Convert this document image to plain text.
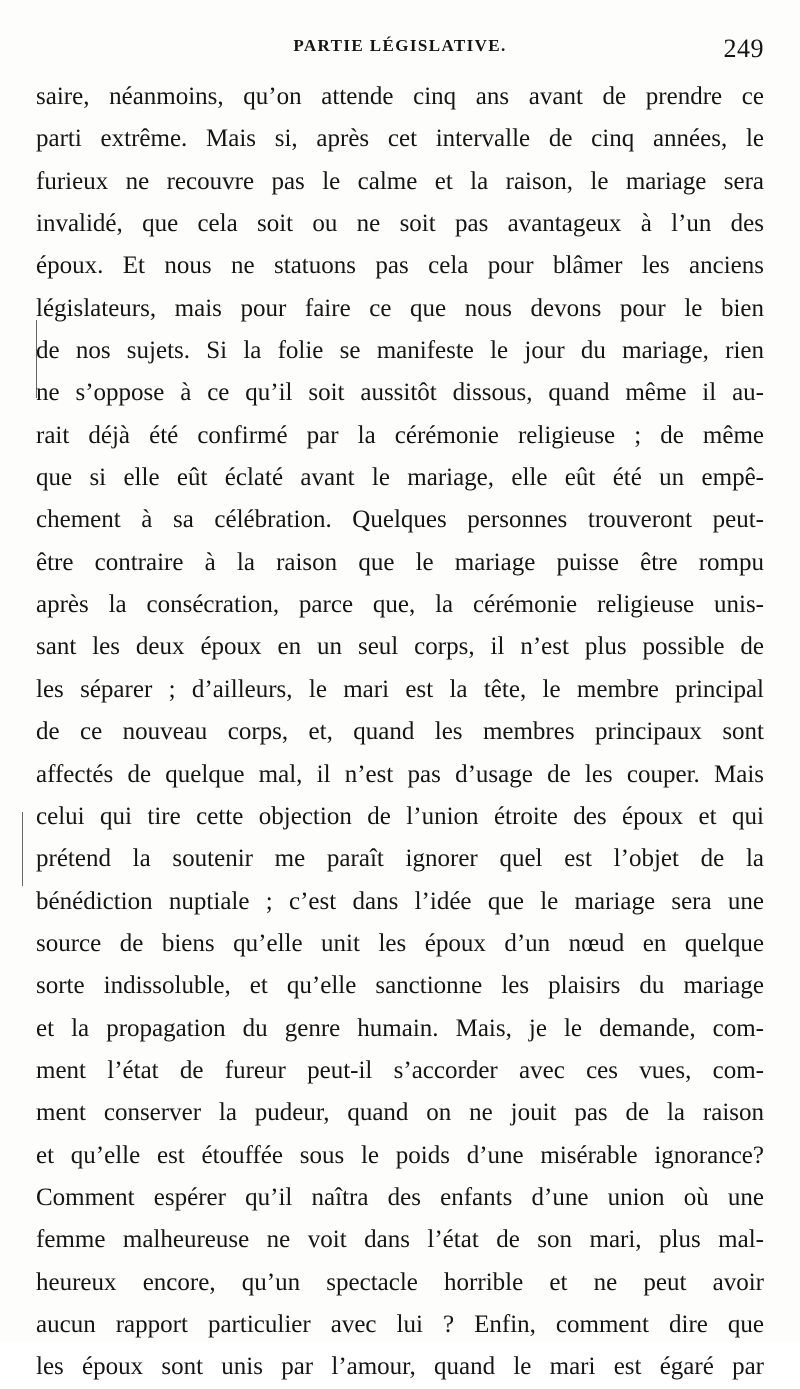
PARTIE LÉGISLATIVE.	249
saire, néanmoins, qu’on attende cinq ans avant de prendre ce
parti extrême. Mais si, après cet intervalle de cinq années, le
furieux ne recouvre pas le calme et la raison, le mariage sera
invalidé, que cela soit ou ne soit pas avantageux à l’un des
époux. Et nous ne statuons pas cela pour blâmer les anciens
législateurs, mais pour faire ce que nous devons pour le bien
de nos sujets. Si la folie se manifeste le jour du mariage, rien
ne s’oppose à ce qu’il soit aussitôt dissous, quand même il au-
rait déjà été confirmé par la cérémonie religieuse ; de même
que si elle eût éclaté avant le mariage, elle eût été un empê-
chement à sa célébration. Quelques personnes trouveront peut-
être contraire à la raison que le mariage puisse être rompu
après la consécration, parce que, la cérémonie religieuse unis-
sant les deux époux en un seul corps, il n’est plus possible de
les séparer ; d’ailleurs, le mari est la tête, le membre principal
de ce nouveau corps, et, quand les membres principaux sont
affectés de quelque mal, il n’est pas d’usage de les couper. Mais
celui qui tire cette objection de l’union étroite des époux et qui
prétend la soutenir me paraît ignorer quel est l’objet de la
bénédiction nuptiale ; c’est dans l’idée que le mariage sera une
source de biens qu’elle unit les époux d’un nœud en quelque
sorte indissoluble, et qu’elle sanctionne les plaisirs du mariage
et la propagation du genre humain. Mais, je le demande, com-
ment l’état de fureur peut-il s’accorder avec ces vues, com-
ment conserver la pudeur, quand on ne jouit pas de la raison
et qu’elle est étouffée sous le poids d’une misérable ignorance?
Comment espérer qu’il naîtra des enfants d’une union où une
femme malheureuse ne voit dans l’état de son mari, plus mal-
heureux encore, qu’un spectacle horrible et ne peut avoir
aucun rapport particulier avec lui ? Enfin, comment dire que
les époux sont unis par l’amour, quand le mari est égaré par
